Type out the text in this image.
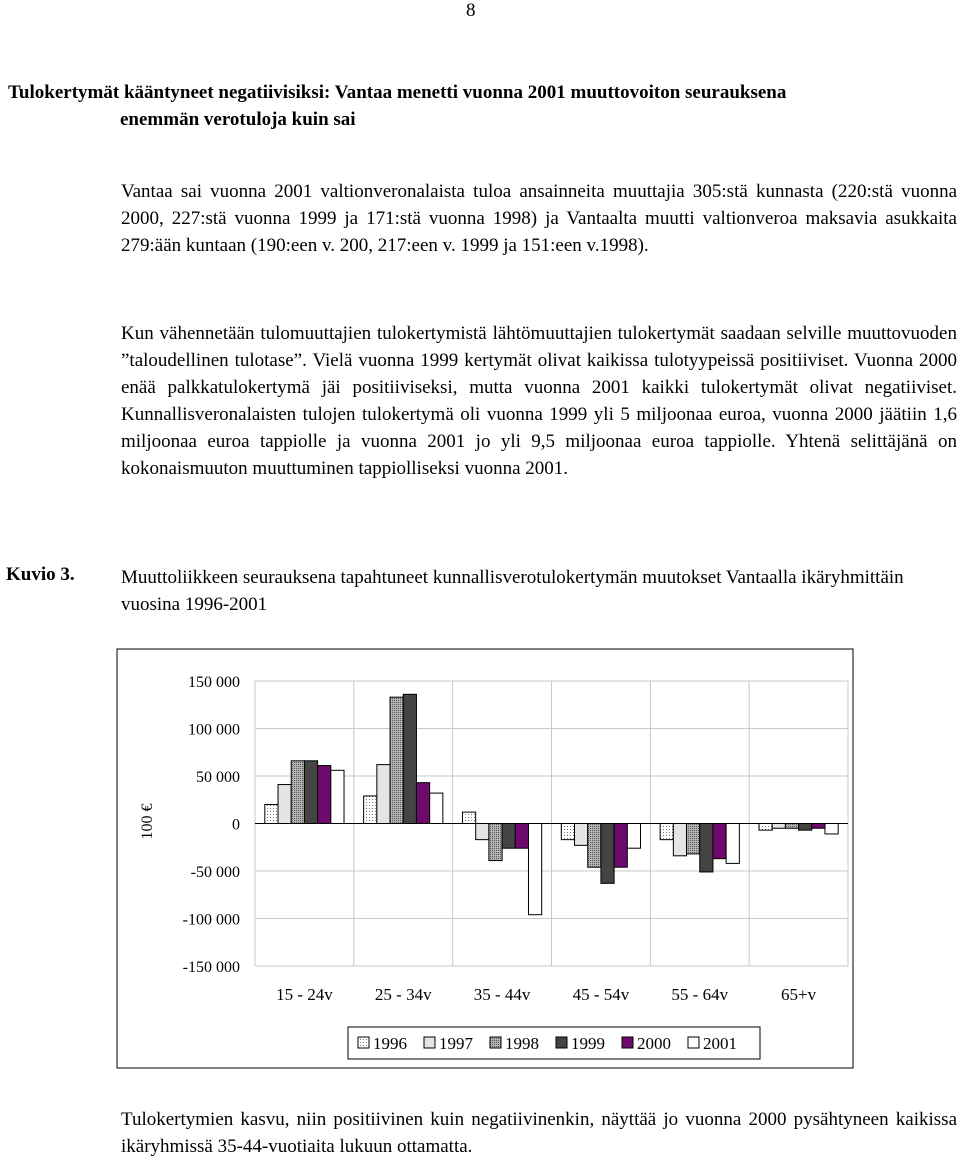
8
Tulokertymät kääntyneet negatiivisiksi: Vantaa menetti vuonna 2001 muuttovoiton seurauksena
enemmän verotuloja kuin sai
Vantaa sai vuonna 2001 valtionveronalaista tuloa ansainneita muuttajia 305:stä kunnasta (220:stä vuonna 2000, 227:stä vuonna 1999 ja 171:stä vuonna 1998) ja Vantaalta muutti valtionveroa maksavia asukkaita 279:ään kuntaan (190:een v. 200, 217:een v. 1999 ja 151:een v.1998).
Kun vähennetään tulomuuttajien tulokertymistä lähtömuuttajien tulokertymät saadaan selville muuttovuoden ”taloudellinen tulotase”. Vielä vuonna 1999 kertymät olivat kaikissa tulotyypeissä positiiviset. Vuonna 2000 enää palkkatulokertymä jäi positiiviseksi, mutta vuonna 2001 kaikki tulokertymät olivat negatiiviset. Kunnallisveronalaisten tulojen tulokertymä oli vuonna 1999 yli 5 miljoonaa euroa, vuonna 2000 jäätiin 1,6 miljoonaa euroa tappiolle ja vuonna 2001 jo yli 9,5 miljoonaa euroa tappiolle. Yhtenä selittäjänä on kokonaismuuton muuttuminen tappiolliseksi vuonna 2001.
Kuvio 3. Muuttoliikkeen seurauksena tapahtuneet kunnallisverotulokertymän muutokset Vantaalla ikäryhmittäin vuosina 1996-2001
150 000
100 000
50 000
0
-50 000
-100 000
-150 000
100 €
15 - 24v 25 - 34v 35 - 44v 45 - 54v 55 - 64v	65+v
1996 1997 1998 1999 2000 2001
Tulokertymien kasvu, niin positiivinen kuin negatiivinenkin, näyttää jo vuonna 2000 pysähtyneen kaikissa ikäryhmissä 35-44-vuotiaita lukuun ottamatta.
